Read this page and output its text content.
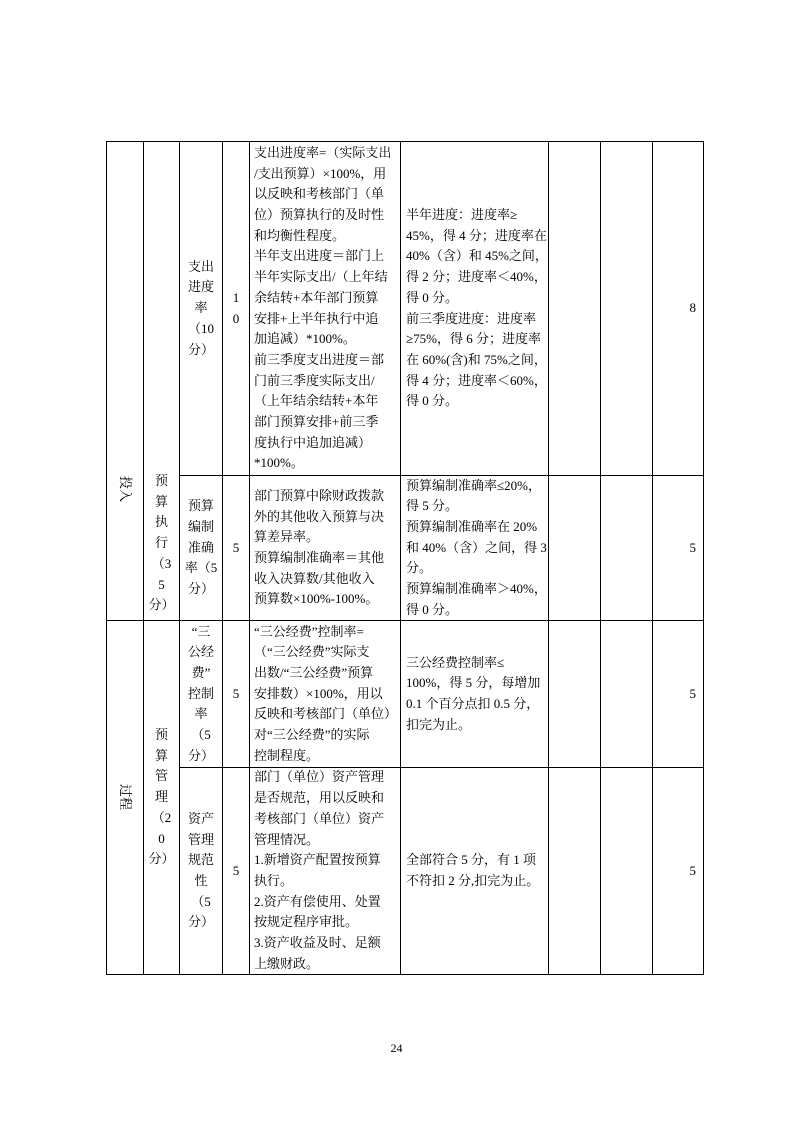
投入
过程
预
算
执
行
（3
5
分）
预
算
管
理
（2
0
分）
支出
进度
率
（10
分）
1
0
支出进度率=（实际支出
/支出预算）×100%，用
以反映和考核部门（单
位）预算执行的及时性
和均衡性程度。
半年支出进度＝部门上
半年实际支出/（上年结
余结转+本年部门预算
安排+上半年执行中追
加追减）*100%。
前三季度支出进度＝部
门前三季度实际支出/
（上年结余结转+本年
部门预算安排+前三季
度执行中追加追减）
*100%。
半年进度：进度率≥
45%，得 4 分；进度率在
40%（含）和 45%之间，
得 2 分；进度率＜40%，
得 0 分。
前三季度进度：进度率
≥75%，得 6 分；进度率
在 60%(含)和 75%之间，
得 4 分；进度率＜60%，
得 0 分。
8
预算
编制
准确
率（5
分）
5
部门预算中除财政拨款
外的其他收入预算与决
算差异率。
预算编制准确率＝其他
收入决算数/其他收入
预算数×100%-100%。
预算编制准确率≤20%，
得 5 分。
预算编制准确率在 20%
和 40%（含）之间，得 3
分。
预算编制准确率＞40%，
得 0 分。
5
“三
公经
费”
控制
率
（5
分）
5
“三公经费”控制率=
（“三公经费”实际支
出数/“三公经费”预算
安排数）×100%，用以
反映和考核部门（单位）
对“三公经费”的实际
控制程度。
三公经费控制率≤
100%，得 5 分，每增加
0.1 个百分点扣 0.5 分，
扣完为止。
5
资产
管理
规范
性
（5
分）
5
部门（单位）资产管理
是否规范，用以反映和
考核部门（单位）资产
管理情况。
1.新增资产配置按预算
执行。
2.资产有偿使用、处置
按规定程序审批。
3.资产收益及时、足额
上缴财政。
全部符合 5 分，有 1 项
不符扣 2 分,扣完为止。
5
24
